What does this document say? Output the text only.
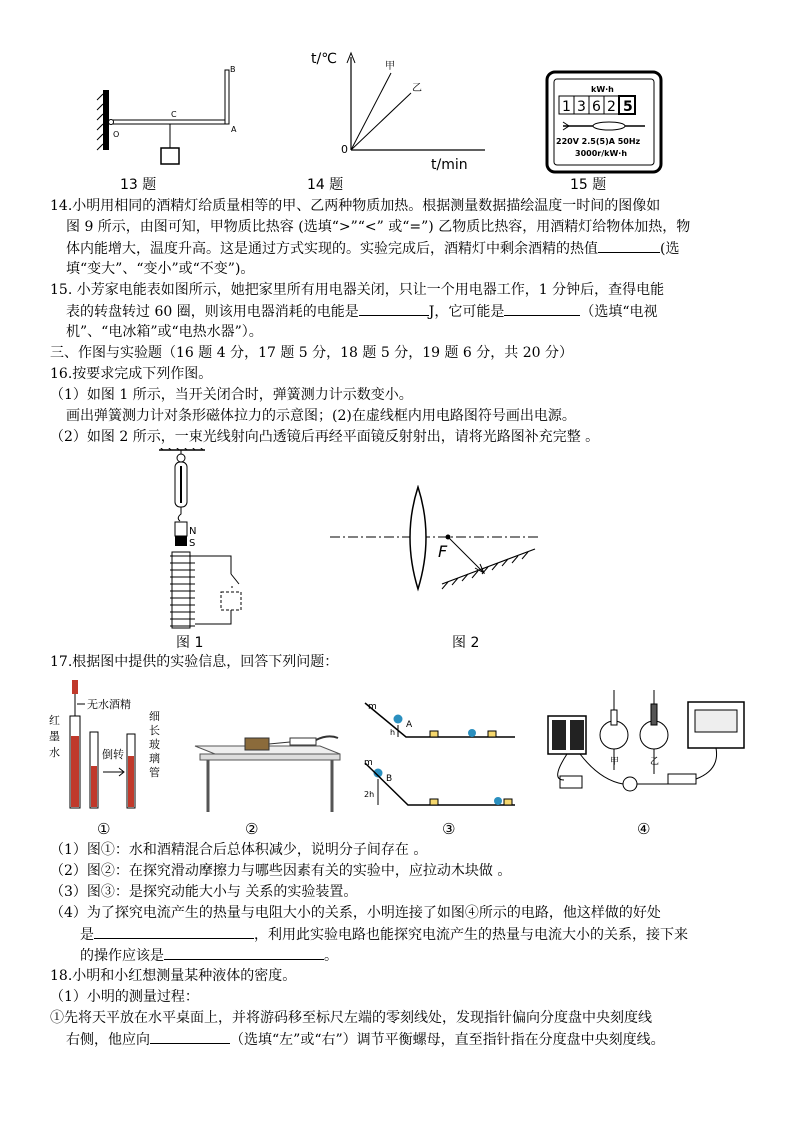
B
C
O
A
t/℃
t/min
0
甲
乙	kW·h
1 3 6 2 5
220V 2.5(5)A 50Hz
3000r/kW·h
13 题	14 题	15 题
14.小明用相同的酒精灯给质量相等的甲、乙两种物质加热。根据测量数据描绘温度一时间的图像如
图 9 所示，由图可知，甲物质比热容 (选填“>”“<” 或“=”) 乙物质比热容，用酒精灯给物体加热，物
体内能增大，温度升高。这是通过方式实现的。实验完成后，酒精灯中剩余酒精的热值	(选
填“变大”、“变小”或“不变”)。
15. 小芳家电能表如图所示，她把家里所有用电器关闭，只让一个用电器工作，1 分钟后，查得电能
表的转盘转过 60 圈，则该用电器消耗的电能是	J，它可能是	（选填“电视
机”、“电冰箱”或“电热水器”）。
三、作图与实验题（16 题 4 分，17 题 5 分，18 题 5 分，19 题 6 分，共 20 分）
16.按要求完成下列作图。
（1）如图 1 所示，当开关闭合时，弹簧测力计示数变小。
画出弹簧测力计对条形磁体拉力的示意图；(2)在虚线框内用电路图符号画出电源。
（2）如图 2 所示，一束光线射向凸透镜后再经平面镜反射射出，请将光路图补充完整 。
N
S
图 1
F
图 2
17.根据图中提供的实验信息，回答下列问题：
无水酒精
红
墨
水	倒转
细
长
玻
璃
管
m
A
h
m
B
2h
甲	乙
①	②	③	④
（1）图①：水和酒精混合后总体积减少，说明分子间存在 。
（2）图②：在探究滑动摩擦力与哪些因素有关的实验中，应拉动木块做 。
（3）图③：是探究动能大小与 关系的实验装置。
（4）为了探究电流产生的热量与电阻大小的关系，小明连接了如图④所示的电路，他这样做的好处
是	，利用此实验电路也能探究电流产生的热量与电流大小的关系，接下来
的操作应该是	。
18.小明和小红想测量某种液体的密度。
（1）小明的测量过程：
①先将天平放在水平桌面上，并将游码移至标尺左端的零刻线处，发现指针偏向分度盘中央刻度线
右侧，他应向	（选填“左”或“右”）调节平衡螺母，直至指针指在分度盘中央刻度线。
